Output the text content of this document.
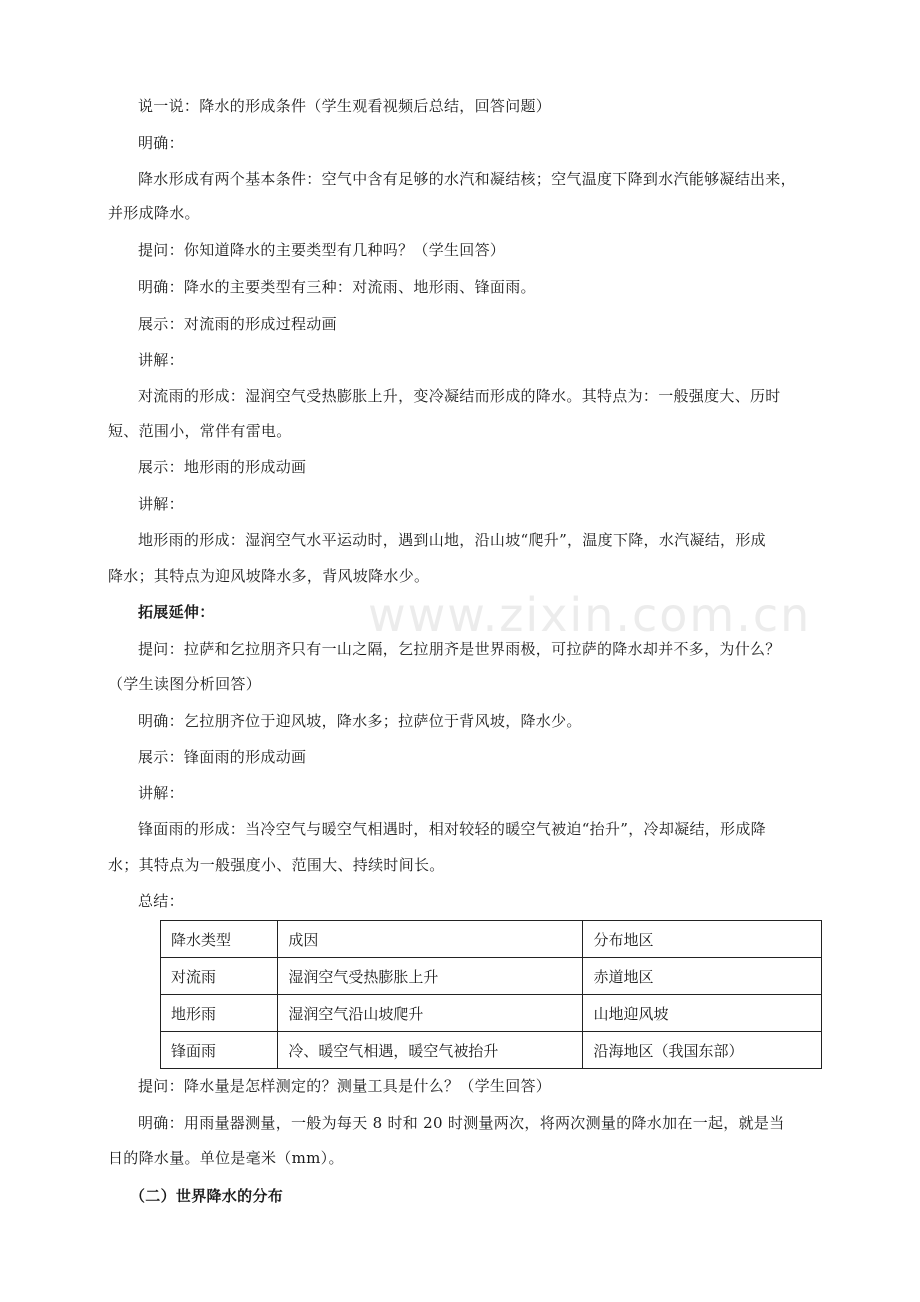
www.zixin.com.cn
说一说：降水的形成条件（学生观看视频后总结，回答问题）
明确：
降水形成有两个基本条件：空气中含有足够的水汽和凝结核；空气温度下降到水汽能够凝结出来，
并形成降水。
提问：你知道降水的主要类型有几种吗？（学生回答）
明确：降水的主要类型有三种：对流雨、地形雨、锋面雨。
展示：对流雨的形成过程动画
讲解：
对流雨的形成：湿润空气受热膨胀上升，变冷凝结而形成的降水。其特点为：一般强度大、历时
短、范围小，常伴有雷电。
展示：地形雨的形成动画
讲解：
地形雨的形成：湿润空气水平运动时，遇到山地，沿山坡“爬升”，温度下降，水汽凝结，形成
降水；其特点为迎风坡降水多，背风坡降水少。
拓展延伸：
提问：拉萨和乞拉朋齐只有一山之隔，乞拉朋齐是世界雨极，可拉萨的降水却并不多，为什么？
（学生读图分析回答）
明确：乞拉朋齐位于迎风坡，降水多；拉萨位于背风坡，降水少。
展示：锋面雨的形成动画
讲解：
锋面雨的形成：当冷空气与暖空气相遇时，相对较轻的暖空气被迫“抬升”，冷却凝结，形成降
水；其特点为一般强度小、范围大、持续时间长。
总结：
降水类型	成因	分布地区
对流雨	湿润空气受热膨胀上升	赤道地区
地形雨	湿润空气沿山坡爬升	山地迎风坡
锋面雨	冷、暖空气相遇，暖空气被抬升	沿海地区（我国东部）
提问：降水量是怎样测定的？测量工具是什么？（学生回答）
明确：用雨量器测量，一般为每天 8 时和 20 时测量两次，将两次测量的降水加在一起，就是当
日的降水量。单位是毫米（mm）。
（二）世界降水的分布
